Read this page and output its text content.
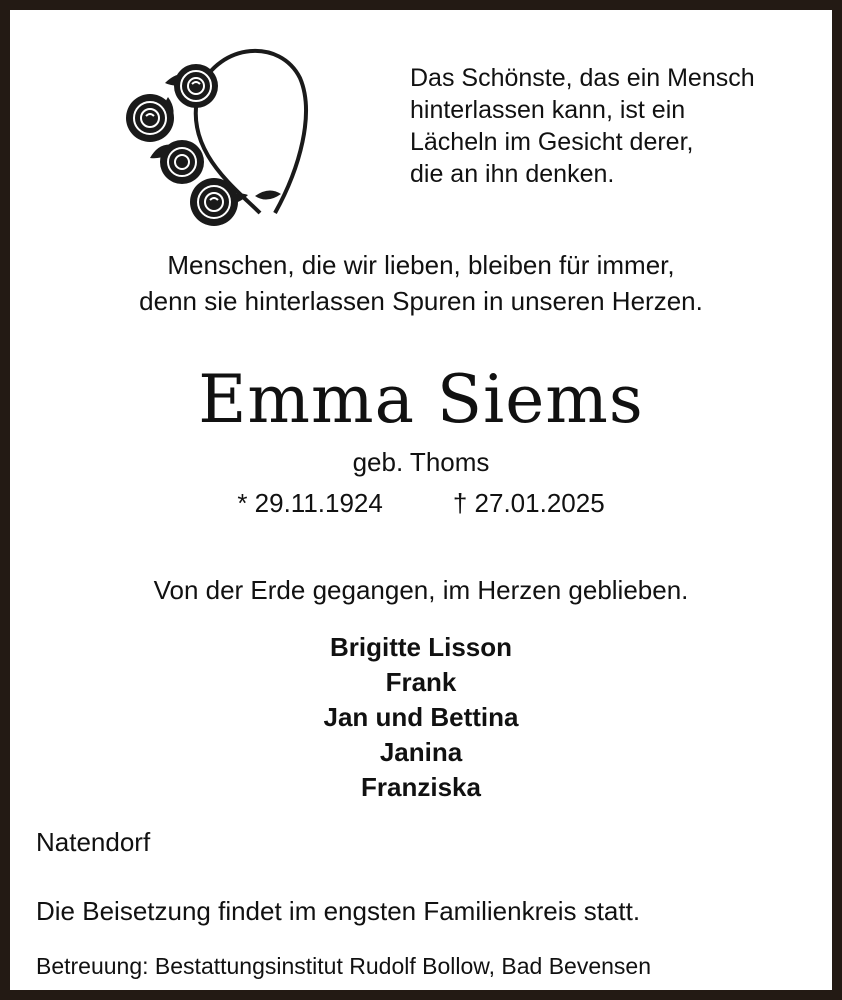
Das Schönste, das ein Mensch
hinterlassen kann, ist ein
Lächeln im Gesicht derer,
die an ihn denken.
Menschen, die wir lieben, bleiben für immer,
denn sie hinterlassen Spuren in unseren Herzen.
Emma Siems
geb. Thoms
* 29.11.1924	† 27.01.2025
Von der Erde gegangen, im Herzen geblieben.
Brigitte Lisson
Frank
Jan und Bettina
Janina
Franziska
Natendorf
Die Beisetzung findet im engsten Familienkreis statt.
Betreuung: Bestattungsinstitut Rudolf Bollow, Bad Bevensen
